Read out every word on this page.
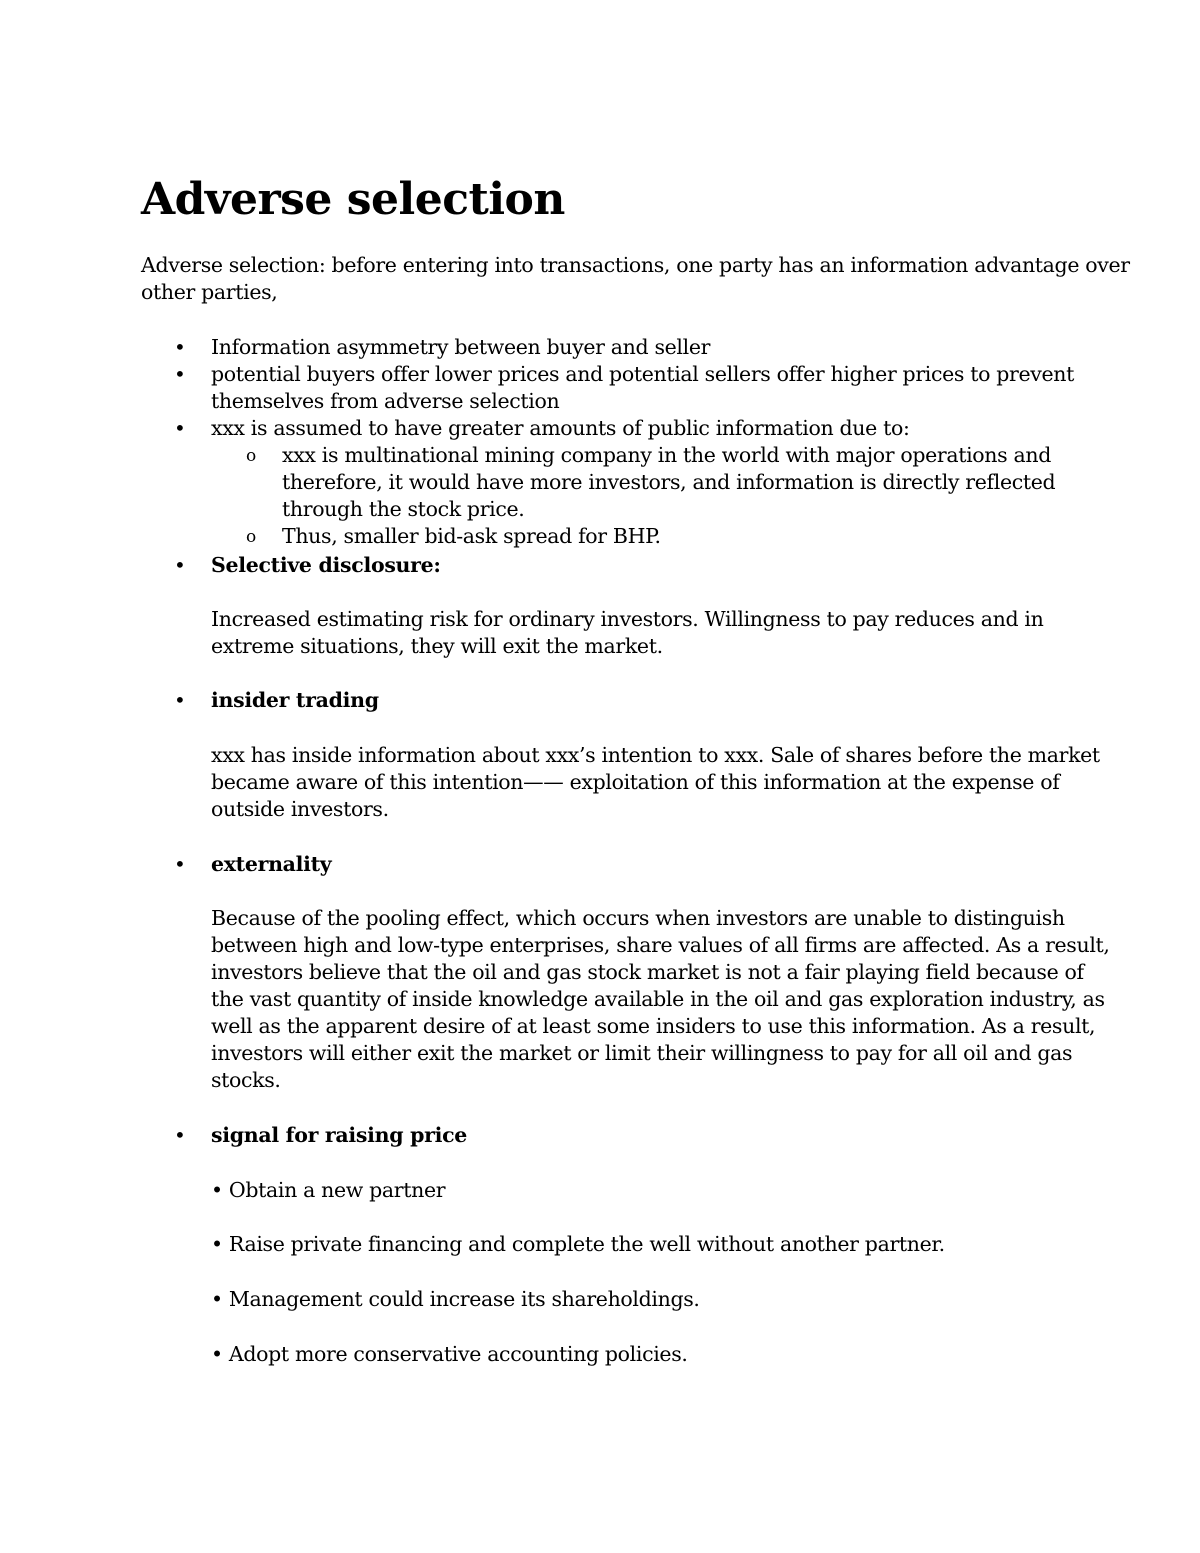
Adverse selection
Adverse selection: before entering into transactions, one party has an information advantage over
other parties,
• Information asymmetry between buyer and seller
• potential buyers offer lower prices and potential sellers offer higher prices to prevent
themselves from adverse selection
• xxx is assumed to have greater amounts of public information due to:
o xxx is multinational mining company in the world with major operations and
therefore, it would have more investors, and information is directly reflected
through the stock price.
o Thus, smaller bid-ask spread for BHP.
• Selective disclosure:
Increased estimating risk for ordinary investors. Willingness to pay reduces and in
extreme situations, they will exit the market.
• insider trading
xxx has inside information about xxx’s intention to xxx. Sale of shares before the market
became aware of this intention—— exploitation of this information at the expense of
outside investors.
• externality
Because of the pooling effect, which occurs when investors are unable to distinguish
between high and low-type enterprises, share values of all firms are affected. As a result,
investors believe that the oil and gas stock market is not a fair playing field because of
the vast quantity of inside knowledge available in the oil and gas exploration industry, as
well as the apparent desire of at least some insiders to use this information. As a result,
investors will either exit the market or limit their willingness to pay for all oil and gas
stocks.
• signal for raising price
• Obtain a new partner
• Raise private financing and complete the well without another partner.
• Management could increase its shareholdings.
• Adopt more conservative accounting policies.
